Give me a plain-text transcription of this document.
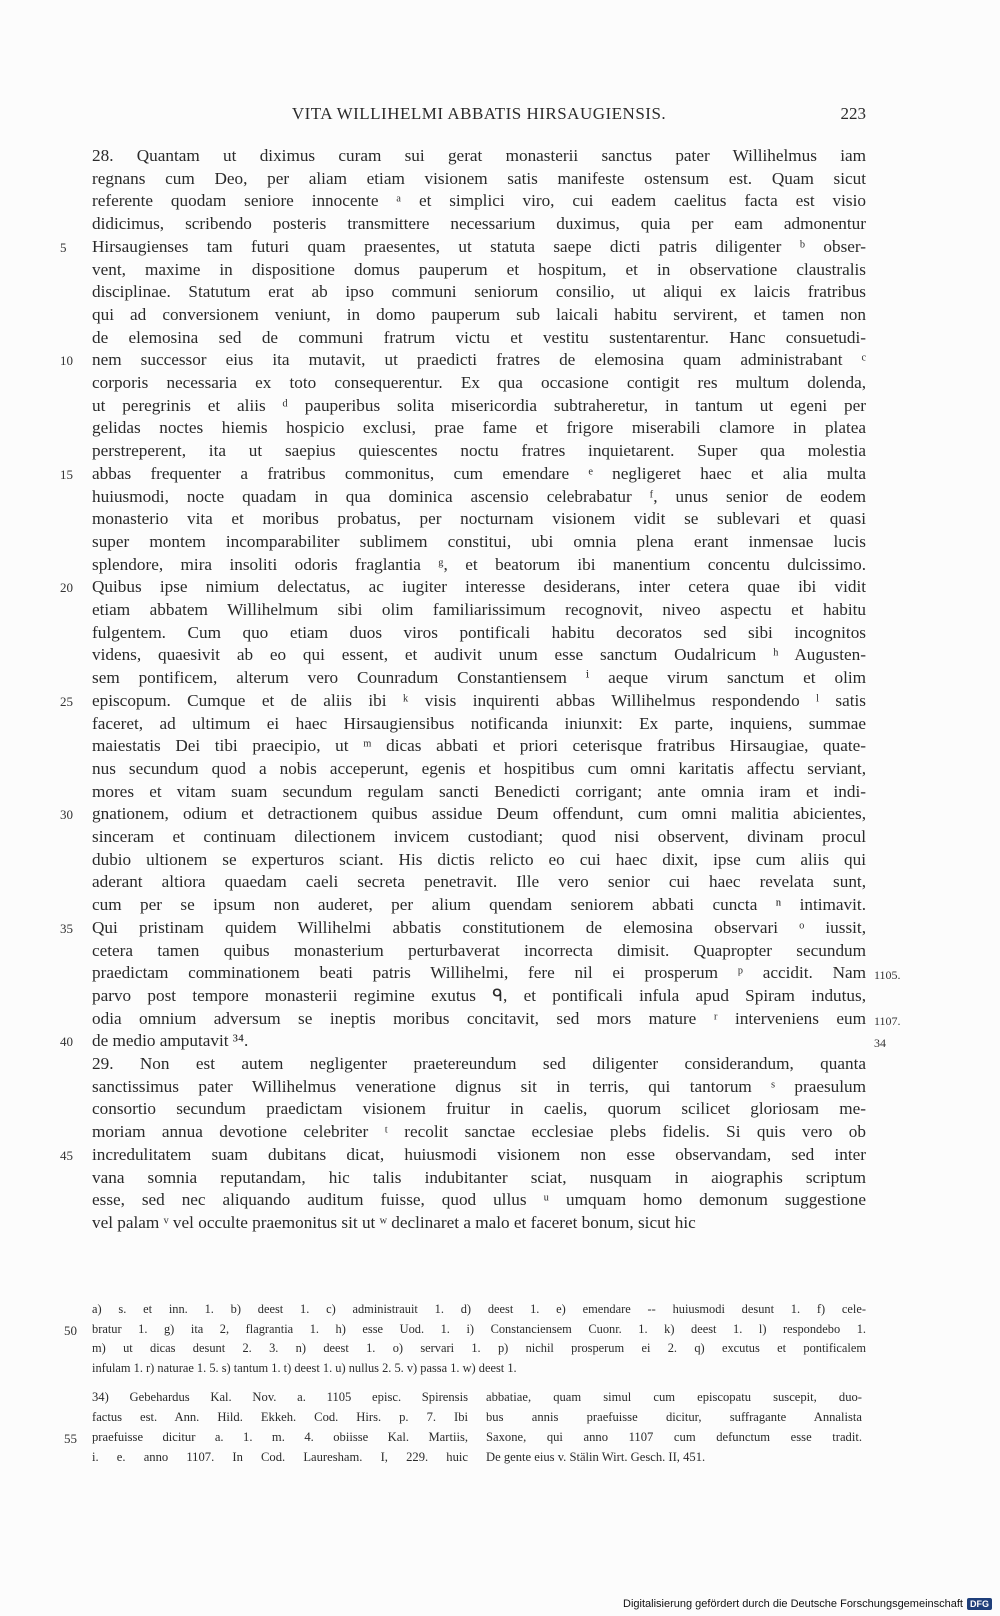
VITA WILLIHELMI ABBATIS HIRSAUGIENSIS.	223
28. Quantam ut diximus curam sui gerat monasterii sanctus pater Willihelmus iam
regnans cum Deo, per aliam etiam visionem satis manifeste ostensum est. Quam sicut
referente quodam seniore innocente ᵃ et simplici viro, cui eadem caelitus facta est visio
didicimus, scribendo posteris transmittere necessarium duximus, quia per eam admonentur
Hirsaugienses tam futuri quam praesentes, ut statuta saepe dicti patris diligenter ᵇ obser-
vent, maxime in dispositione domus pauperum et hospitum, et in observatione claustralis
disciplinae. Statutum erat ab ipso communi seniorum consilio, ut aliqui ex laicis fratribus
qui ad conversionem veniunt, in domo pauperum sub laicali habitu servirent, et tamen non
de elemosina sed de communi fratrum victu et vestitu sustentarentur. Hanc consuetudi-
nem successor eius ita mutavit, ut praedicti fratres de elemosina quam administrabant ᶜ
corporis necessaria ex toto consequerentur. Ex qua occasione contigit res multum dolenda,
ut peregrinis et aliis ᵈ pauperibus solita misericordia subtraheretur, in tantum ut egeni per
gelidas noctes hiemis hospicio exclusi, prae fame et frigore miserabili clamore in platea
perstreperent, ita ut saepius quiescentes noctu fratres inquietarent. Super qua molestia
abbas frequenter a fratribus commonitus, cum emendare ᵉ negligeret haec et alia multa
huiusmodi, nocte quadam in qua dominica ascensio celebrabatur ᶠ, unus senior de eodem
monasterio vita et moribus probatus, per nocturnam visionem vidit se sublevari et quasi
super montem incomparabiliter sublimem constitui, ubi omnia plena erant inmensae lucis
splendore, mira insoliti odoris fraglantia ᵍ, et beatorum ibi manentium concentu dulcissimo.
Quibus ipse nimium delectatus, ac iugiter interesse desiderans, inter cetera quae ibi vidit
etiam abbatem Willihelmum sibi olim familiarissimum recognovit, niveo aspectu et habitu
fulgentem. Cum quo etiam duos viros pontificali habitu decoratos sed sibi incognitos
videns, quaesivit ab eo qui essent, et audivit unum esse sanctum Oudalricum ʰ Augusten-
sem pontificem, alterum vero Counradum Constantiensem ⁱ aeque virum sanctum et olim
episcopum. Cumque et de aliis ibi ᵏ visis inquirenti abbas Willihelmus respondendo ˡ satis
faceret, ad ultimum ei haec Hirsaugiensibus notificanda iniunxit: Ex parte, inquiens, summae
maiestatis Dei tibi praecipio, ut ᵐ dicas abbati et priori ceterisque fratribus Hirsaugiae, quate-
nus secundum quod a nobis acceperunt, egenis et hospitibus cum omni karitatis affectu serviant,
mores et vitam suam secundum regulam sancti Benedicti corrigant; ante omnia iram et indi-
gnationem, odium et detractionem quibus assidue Deum offendunt, cum omni malitia abicientes,
sinceram et continuam dilectionem invicem custodiant; quod nisi observent, divinam procul
dubio ultionem se experturos sciant. His dictis relicto eo cui haec dixit, ipse cum aliis qui
aderant altiora quaedam caeli secreta penetravit. Ille vero senior cui haec revelata sunt,
cum per se ipsum non auderet, per alium quendam seniorem abbati cuncta ⁿ intimavit.
Qui pristinam quidem Willihelmi abbatis constitutionem de elemosina observari ᵒ iussit,
cetera tamen quibus monasterium perturbaverat incorrecta dimisit. Quapropter secundum
praedictam comminationem beati patris Willihelmi, fere nil ei prosperum ᵖ accidit. Nam
parvo post tempore monasterii regimine exutus ᑫ, et pontificali infula apud Spiram indutus,
odia omnium adversum se ineptis moribus concitavit, sed mors mature ʳ interveniens eum
de medio amputavit ³⁴.
29. Non est autem negligenter praetereundum sed diligenter considerandum, quanta
sanctissimus pater Willihelmus veneratione dignus sit in terris, qui tantorum ˢ praesulum
consortio secundum praedictam visionem fruitur in caelis, quorum scilicet gloriosam me-
moriam annua devotione celebriter ᵗ recolit sanctae ecclesiae plebs fidelis. Si quis vero ob
incredulitatem suam dubitans dicat, huiusmodi visionem non esse observandam, sed inter
vana somnia reputandam, hic talis indubitanter sciat, nusquam in aiographis scriptum
esse, sed nec aliquando auditum fuisse, quod ullus ᵘ umquam homo demonum suggestione
vel palam ᵛ vel occulte praemonitus sit ut ʷ declinaret a malo et faceret bonum, sicut hic
5
10
15
20
25
30
35
40
45
1105.
1107.
34
a) s. et inn. 1. b) deest 1. c) administrauit 1. d) deest 1. e) emendare -- huiusmodi desunt 1. f) cele-
bratur 1. g) ita 2, flagrantia 1. h) esse Uod. 1. i) Constanciensem Cuonr. 1. k) deest 1. l) respondebo 1.
m) ut dicas desunt 2. 3. n) deest 1. o) servari 1. p) nichil prosperum ei 2. q) excutus et pontificalem
infulam 1. r) naturae 1. 5. s) tantum 1. t) deest 1. u) nullus 2. 5. v) passa 1. w) deest 1.
50
34) Gebehardus Kal. Nov. a. 1105 episc. Spirensis
factus est. Ann. Hild. Ekkeh. Cod. Hirs. p. 7. Ibi
praefuisse dicitur a. 1. m. 4. obiisse Kal. Martiis,
i. e. anno 1107. In Cod. Lauresham. I, 229. huic
abbatiae, quam simul cum episcopatu suscepit, duo-
bus annis praefuisse dicitur, suffragante Annalista
Saxone, qui anno 1107 cum defunctum esse tradit.
De gente eius v. Stälin Wirt. Gesch. II, 451.
55
Digitalisierung gefördert durch die Deutsche Forschungsgemeinschaft DFG
